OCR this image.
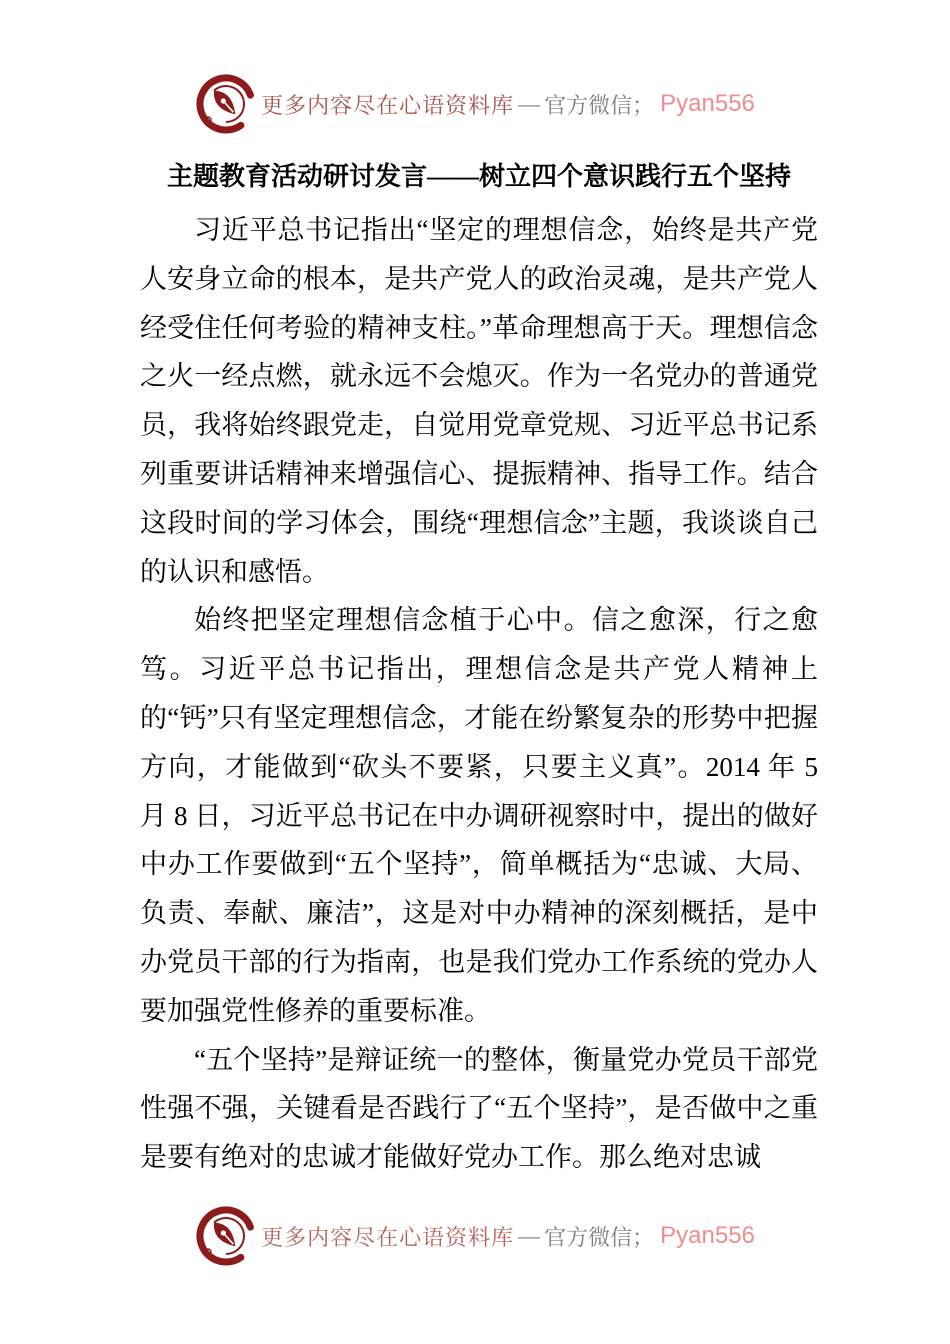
更多内容尽在心语资料库 — 官方微信； Pyan556
主题教育活动研讨发言——树立四个意识践行五个坚持

习近平总书记指出“坚定的理想信念，始终是共产党人安身立命的根本，是共产党人的政治灵魂，是共产党人经受住任何考验的精神支柱。”革命理想高于天。理想信念之火一经点燃，就永远不会熄灭。作为一名党办的普通党员，我将始终跟党走，自觉用党章党规、习近平总书记系列重要讲话精神来增强信心、提振精神、指导工作。结合这段时间的学习体会，围绕“理想信念”主题，我谈谈自己的认识和感悟。

始终把坚定理想信念植于心中。信之愈深，行之愈笃。习近平总书记指出，理想信念是共产党人精神上的“钙”只有坚定理想信念，才能在纷繁复杂的形势中把握方向，才能做到“砍头不要紧，只要主义真”。2014 年 5 月 8 日，习近平总书记在中办调研视察时中，提出的做好中办工作要做到“五个坚持”，简单概括为“忠诚、大局、负责、奉献、廉洁”，这是对中办精神的深刻概括，是中办党员干部的行为指南，也是我们党办工作系统的党办人要加强党性修养的重要标准。

“五个坚持”是辩证统一的整体，衡量党办党员干部党性强不强，关键看是否践行了“五个坚持”，是否做中之重是要有绝对的忠诚才能做好党办工作。那么绝对忠诚

更多内容尽在心语资料库 — 官方微信； Pyan556
